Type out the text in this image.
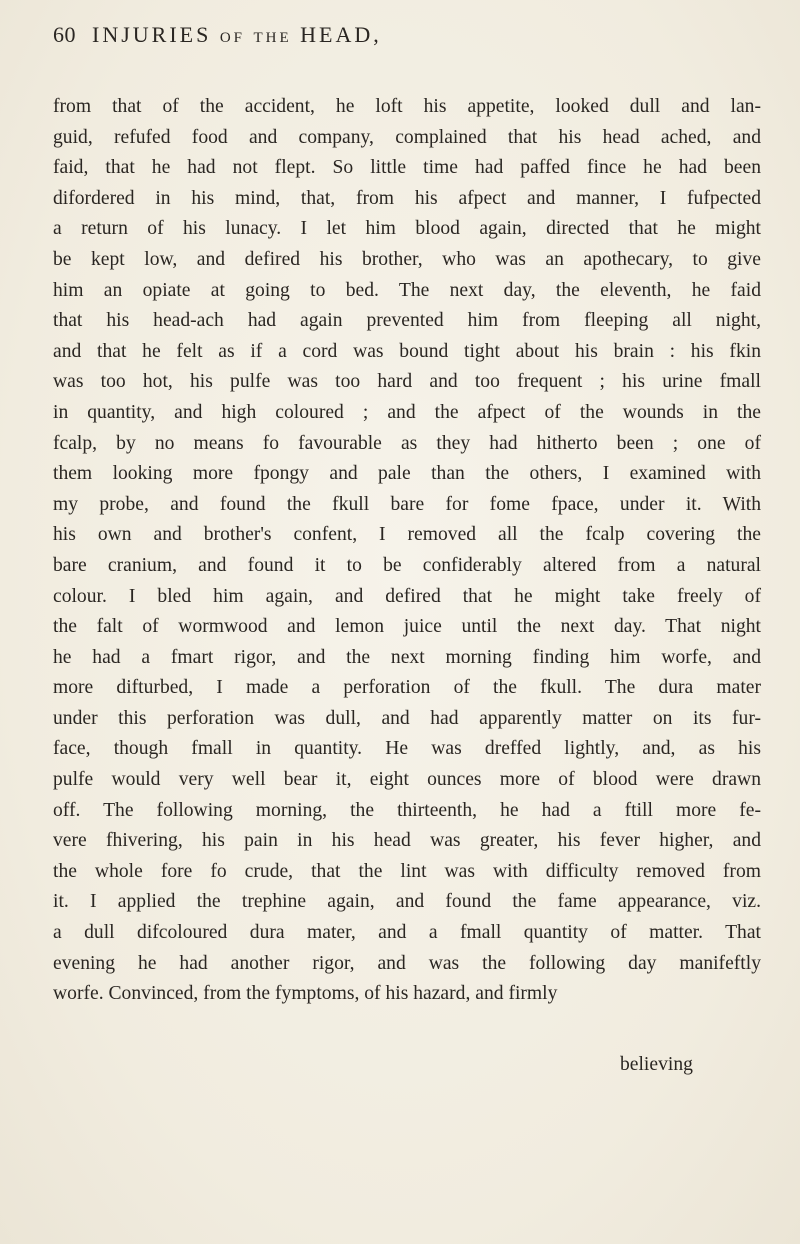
60 INJURIES of the HEAD,
from that of the accident, he loft his appetite, looked dull and lan-
guid, refufed food and company, complained that his head ached, and
faid, that he had not flept. So little time had paffed fince he had been
difordered in his mind, that, from his afpect and manner, I fufpected
a return of his lunacy. I let him blood again, directed that he might
be kept low, and defired his brother, who was an apothecary, to give
him an opiate at going to bed. The next day, the eleventh, he faid
that his head-ach had again prevented him from fleeping all night,
and that he felt as if a cord was bound tight about his brain : his fkin
was too hot, his pulfe was too hard and too frequent ; his urine fmall
in quantity, and high coloured ; and the afpect of the wounds in the
fcalp, by no means fo favourable as they had hitherto been ; one of
them looking more fpongy and pale than the others, I examined with
my probe, and found the fkull bare for fome fpace, under it. With
his own and brother's confent, I removed all the fcalp covering the
bare cranium, and found it to be confiderably altered from a natural
colour. I bled him again, and defired that he might take freely of
the falt of wormwood and lemon juice until the next day. That night
he had a fmart rigor, and the next morning finding him worfe, and
more difturbed, I made a perforation of the fkull. The dura mater
under this perforation was dull, and had apparently matter on its fur-
face, though fmall in quantity. He was dreffed lightly, and, as his
pulfe would very well bear it, eight ounces more of blood were drawn
off. The following morning, the thirteenth, he had a ftill more fe-
vere fhivering, his pain in his head was greater, his fever higher, and
the whole fore fo crude, that the lint was with difficulty removed from
it. I applied the trephine again, and found the fame appearance, viz.
a dull difcoloured dura mater, and a fmall quantity of matter. That
evening he had another rigor, and was the following day manifeftly
worfe. Convinced, from the fymptoms, of his hazard, and firmly
believing
